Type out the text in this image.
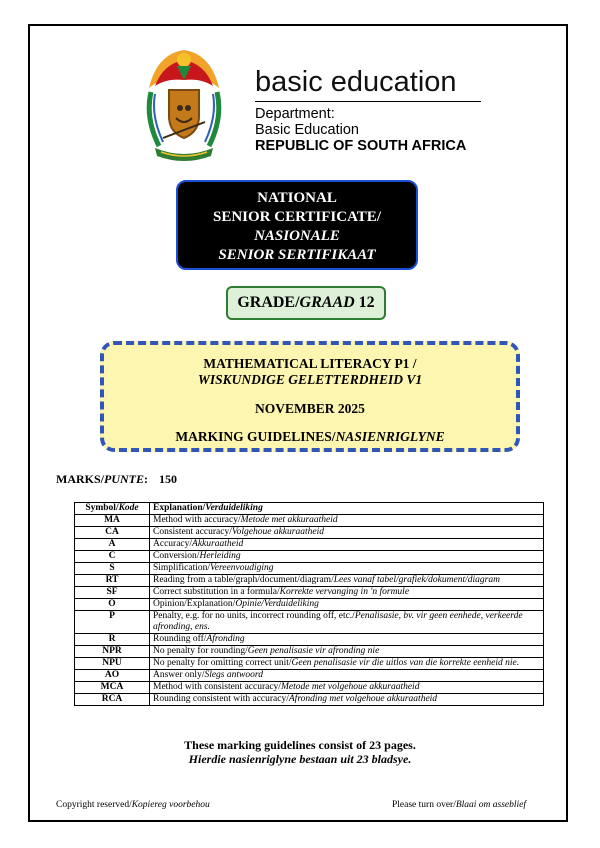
basic education
Department:
Basic Education
REPUBLIC OF SOUTH AFRICA
NATIONAL
SENIOR CERTIFICATE/
NASIONALE
SENIOR SERTIFIKAAT
GRADE/GRAAD 12
MATHEMATICAL LITERACY P1 /
WISKUNDIGE GELETTERDHEID V1
NOVEMBER 2025
MARKING GUIDELINES/NASIENRIGLYNE
MARKS/PUNTE: 150
Symbol/Kode	Explanation/Verduideliking
MA	Method with accuracy/Metode met akkuraatheid
CA	Consistent accuracy/Volgehoue akkuraatheid
A	Accuracy/Akkuraatheid
C	Conversion/Herleiding
S	Simplification/Vereenvoudiging
RT	Reading from a table/graph/document/diagram/Lees vanaf tabel/grafiek/dokument/diagram
SF	Correct substitution in a formula/Korrekte vervanging in 'n formule
O	Opinion/Explanation/Opinie/Verduideliking
P	Penalty, e.g. for no units, incorrect rounding off, etc./Penalisasie, bv. vir geen eenhede, verkeerde afronding, ens.
R	Rounding off/Afronding
NPR	No penalty for rounding/Geen penalisasie vir afronding nie
NPU	No penalty for omitting correct unit/Geen penalisasie vir die uitlos van die korrekte eenheid nie.
AO	Answer only/Slegs antwoord
MCA	Method with consistent accuracy/Metode met volgehoue akkuraatheid
RCA	Rounding consistent with accuracy/Afronding met volgehoue akkuraatheid
These marking guidelines consist of 23 pages.
Hierdie nasienriglyne bestaan uit 23 bladsye.
Copyright reserved/Kopiereg voorbehou	Please turn over/Blaai om asseblief
